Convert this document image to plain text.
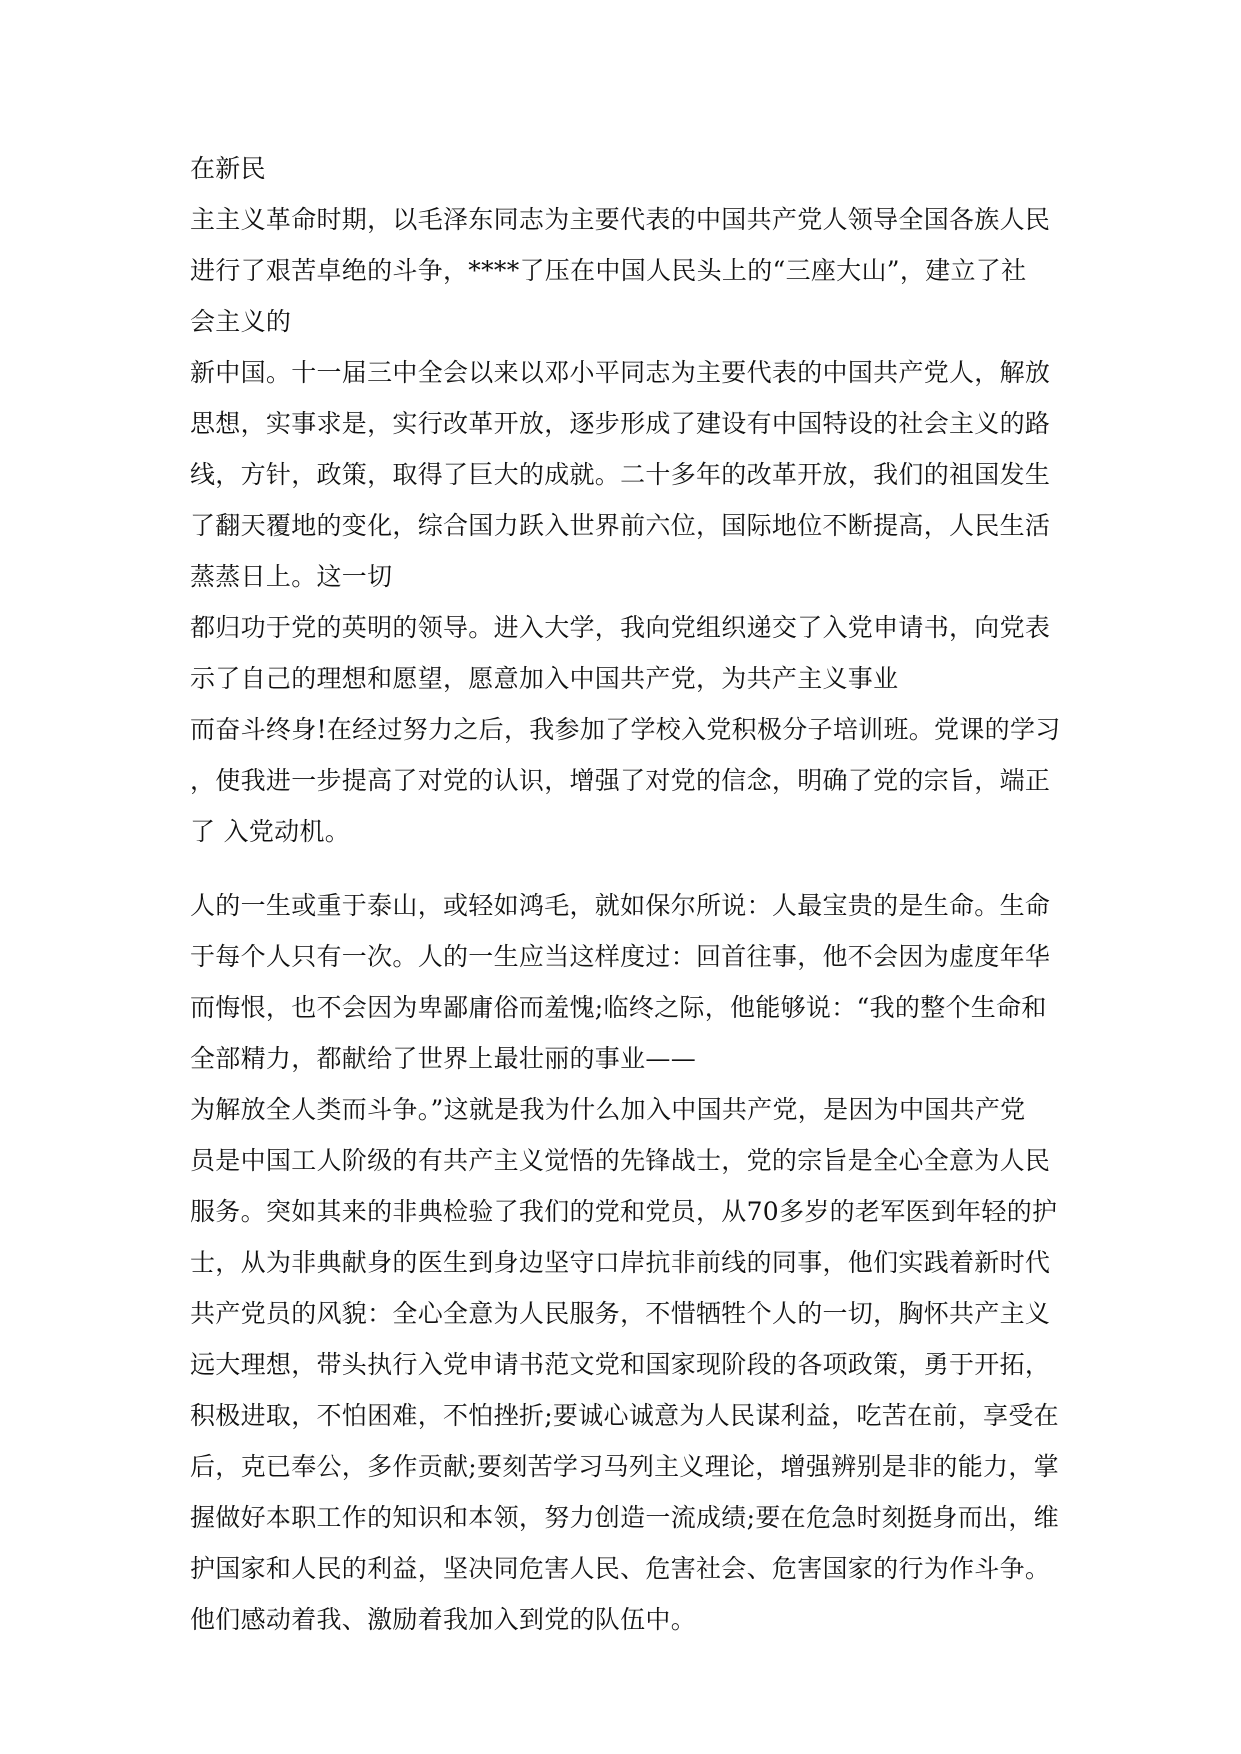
在新民
主主义革命时期，以毛泽东同志为主要代表的中国共产党人领导全国各族人民
进行了艰苦卓绝的斗争，****了压在中国人民头上的“三座大山”，建立了社
会主义的
新中国。十一届三中全会以来以邓小平同志为主要代表的中国共产党人，解放
思想，实事求是，实行改革开放，逐步形成了建设有中国特设的社会主义的路
线，方针，政策，取得了巨大的成就。二十多年的改革开放，我们的祖国发生
了翻天覆地的变化，综合国力跃入世界前六位，国际地位不断提高，人民生活
蒸蒸日上。这一切
都归功于党的英明的领导。进入大学，我向党组织递交了入党申请书，向党表
示了自己的理想和愿望，愿意加入中国共产党，为共产主义事业
而奋斗终身!在经过努力之后，我参加了学校入党积极分子培训班。党课的学习
，使我进一步提高了对党的认识，增强了对党的信念，明确了党的宗旨，端正
了 入党动机。
人的一生或重于泰山，或轻如鸿毛，就如保尔所说：人最宝贵的是生命。生命
于每个人只有一次。人的一生应当这样度过：回首往事，他不会因为虚度年华
而悔恨，也不会因为卑鄙庸俗而羞愧;临终之际，他能够说：“我的整个生命和
全部精力，都献给了世界上最壮丽的事业——
为解放全人类而斗争。”这就是我为什么加入中国共产党，是因为中国共产党
员是中国工人阶级的有共产主义觉悟的先锋战士，党的宗旨是全心全意为人民
服务。突如其来的非典检验了我们的党和党员，从70多岁的老军医到年轻的护
士，从为非典献身的医生到身边坚守口岸抗非前线的同事，他们实践着新时代
共产党员的风貌：全心全意为人民服务，不惜牺牲个人的一切，胸怀共产主义
远大理想，带头执行入党申请书范文党和国家现阶段的各项政策，勇于开拓，
积极进取，不怕困难，不怕挫折;要诚心诚意为人民谋利益，吃苦在前，享受在
后，克已奉公，多作贡献;要刻苦学习马列主义理论，增强辨别是非的能力，掌
握做好本职工作的知识和本领，努力创造一流成绩;要在危急时刻挺身而出，维
护国家和人民的利益，坚决同危害人民、危害社会、危害国家的行为作斗争。
他们感动着我、激励着我加入到党的队伍中。
